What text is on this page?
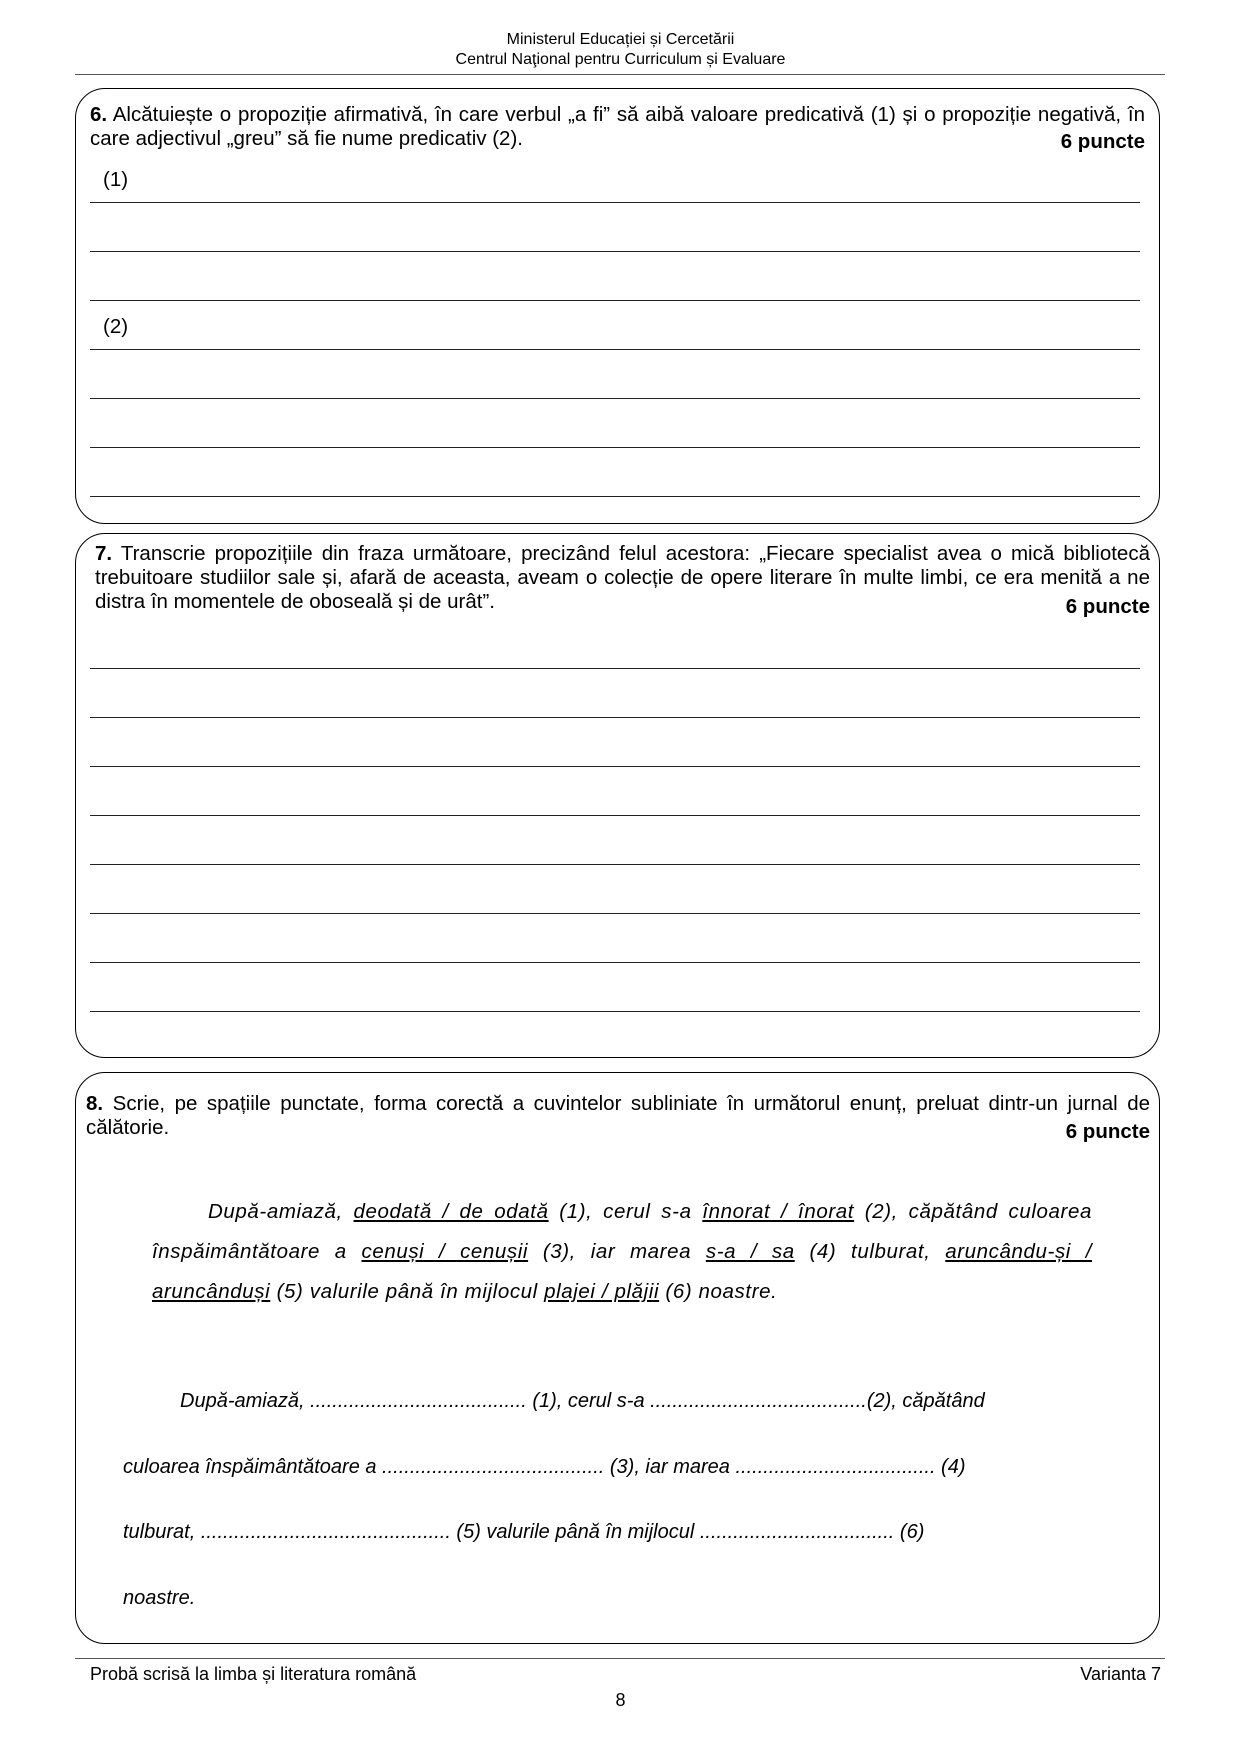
Ministerul Educației și Cercetării
Centrul Naţional pentru Curriculum și Evaluare
6. Alcătuiește o propoziție afirmativă, în care verbul „a fi” să aibă valoare predicativă (1) și o propoziție negativă, în care adjectivul „greu” să fie nume predicativ (2).	6 puncte
(1)
(2)
7. Transcrie propozițiile din fraza următoare, precizând felul acestora: „Fiecare specialist avea o mică bibliotecă trebuitoare studiilor sale și, afară de aceasta, aveam o colecție de opere literare în multe limbi, ce era menită a ne distra în momentele de oboseală și de urât”.	6 puncte
8. Scrie, pe spațiile punctate, forma corectă a cuvintelor subliniate în următorul enunț, preluat dintr-un jurnal de călătorie.	6 puncte
După-amiază, deodată / de odată (1), cerul s-a înnorat / înorat (2), căpătând culoarea înspăimântătoare a cenuși / cenușii (3), iar marea s-a / sa (4) tulburat, aruncându-și / aruncânduși (5) valurile până în mijlocul plajei / plăjii (6) noastre.
După-amiază, ....................................... (1), cerul s-a .......................................(2), căpătând
culoarea înspăimântătoare a ........................................ (3), iar marea .................................... (4)
tulburat, ............................................. (5) valurile până în mijlocul ................................... (6)
noastre.
Probă scrisă la limba și literatura română	Varianta 7
8
